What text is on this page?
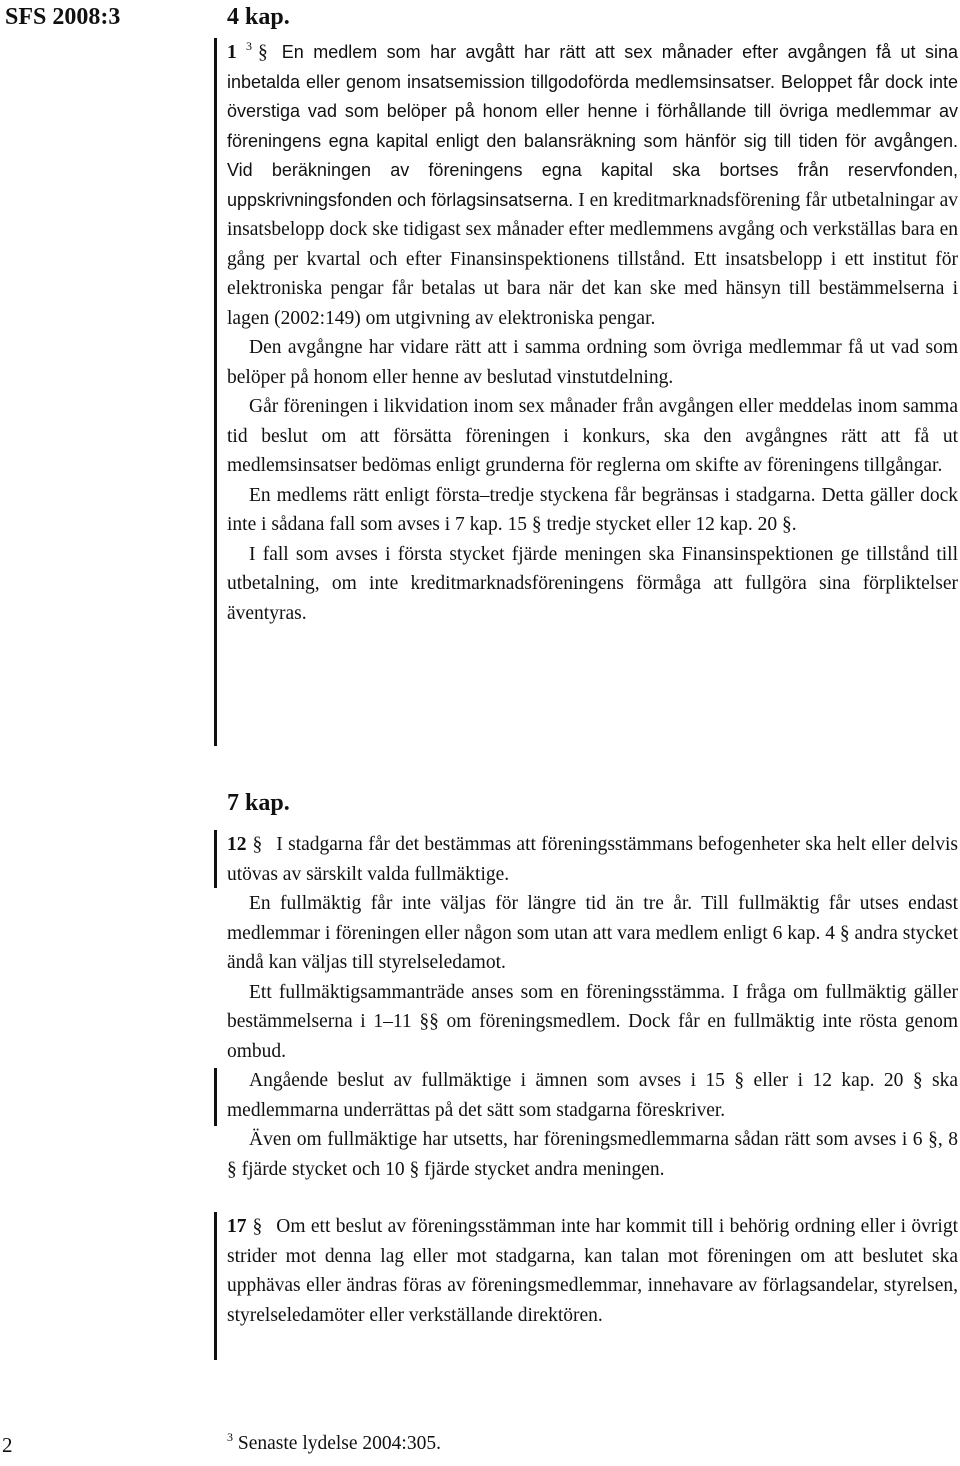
SFS 2008:3	4 kap.

1 $^3$ § En medlem som har avgått har rätt att sex månader efter avgången få ut sina inbetalda eller genom insatsemission tillgodoförda medlemsinsatser. Beloppet får dock inte överstiga vad som belöper på honom eller henne i förhållande till övriga medlemmar av föreningens egna kapital enligt den balansräkning som hänför sig till tiden för avgången. Vid beräkningen av föreningens egna kapital ska bortses från reservfonden, uppskrivningsfonden och förlagsinsatserna. I en kreditmarknadsförening får utbetalningar av insatsbelopp dock ske tidigast sex månader efter medlemmens avgång och verkställas bara en gång per kvartal och efter Finansinspektionens tillstånd. Ett insatsbelopp i ett institut för elektroniska pengar får betalas ut bara när det kan ske med hänsyn till bestämmelserna i lagen (2002:149) om utgivning av elektroniska pengar.

Den avgångne har vidare rätt att i samma ordning som övriga medlemmar få ut vad som belöper på honom eller henne av beslutad vinstutdelning.

Går föreningen i likvidation inom sex månader från avgången eller meddelas inom samma tid beslut om att försätta föreningen i konkurs, ska den avgångnes rätt att få ut medlemsinsatser bedömas enligt grunderna för reglerna om skifte av föreningens tillgångar.

En medlems rätt enligt första–tredje styckena får begränsas i stadgarna. Detta gäller dock inte i sådana fall som avses i 7 kap. 15 § tredje stycket eller 12 kap. 20 §.

I fall som avses i första stycket fjärde meningen ska Finansinspektionen ge tillstånd till utbetalning, om inte kreditmarknadsföreningens förmåga att fullgöra sina förpliktelser äventyras.

7 kap.

12 § I stadgarna får det bestämmas att föreningsstämmans befogenheter ska helt eller delvis utövas av särskilt valda fullmäktige.

En fullmäktig får inte väljas för längre tid än tre år. Till fullmäktig får utses endast medlemmar i föreningen eller någon som utan att vara medlem enligt 6 kap. 4 § andra stycket ändå kan väljas till styrelseledamot.

Ett fullmäktigsammanträde anses som en föreningsstämma. I fråga om fullmäktig gäller bestämmelserna i 1–11 §§ om föreningsmedlem. Dock får en fullmäktig inte rösta genom ombud.

Angående beslut av fullmäktige i ämnen som avses i 15 § eller i 12 kap. 20 § ska medlemmarna underrättas på det sätt som stadgarna föreskriver.

Även om fullmäktige har utsetts, har föreningsmedlemmarna sådan rätt som avses i 6 §, 8 § fjärde stycket och 10 § fjärde stycket andra meningen.

17 § Om ett beslut av föreningsstämman inte har kommit till i behörig ordning eller i övrigt strider mot denna lag eller mot stadgarna, kan talan mot föreningen om att beslutet ska upphävas eller ändras föras av föreningsmedlemmar, innehavare av förlagsandelar, styrelsen, styrelseledamöter eller verkställande direktören.

2	$^3$ Senaste lydelse 2004:305.
